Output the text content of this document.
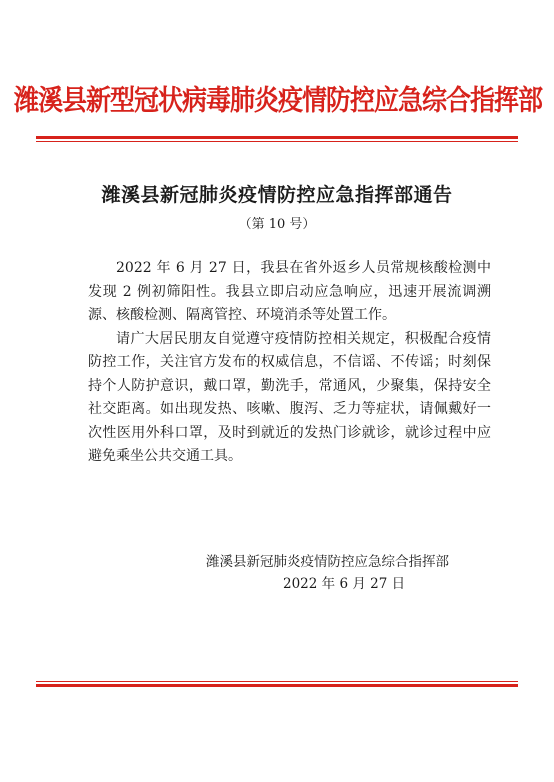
潍溪县新型冠状病毒肺炎疫情防控应急综合指挥部
潍溪县新冠肺炎疫情防控应急指挥部通告
（第 10 号）

2022 年 6 月 27 日，我县在省外返乡人员常规核酸检测中发现 2 例初筛阳性。我县立即启动应急响应，迅速开展流调溯源、核酸检测、隔离管控、环境消杀等处置工作。

请广大居民朋友自觉遵守疫情防控相关规定，积极配合疫情防控工作，关注官方发布的权威信息，不信谣、不传谣；时刻保持个人防护意识，戴口罩，勤洗手，常通风，少聚集，保持安全社交距离。如出现发热、咳嗽、腹泻、乏力等症状，请佩戴好一次性医用外科口罩，及时到就近的发热门诊就诊，就诊过程中应避免乘坐公共交通工具。

潍溪县新冠肺炎疫情防控应急综合指挥部
2022 年 6 月 27 日
